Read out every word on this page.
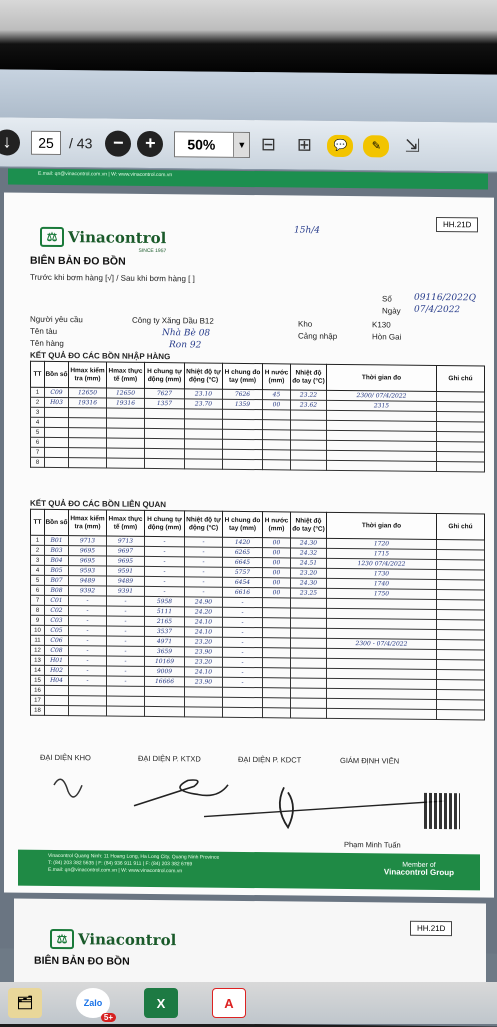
↓	25	/ 43	−	+	50%	▼ ⊟	⊞	💬	✎	⇲
E.mail: qn@vinacontrol.com.vn | W: www.vinacontrol.com.vn
HH.21D
15h/4
⚖ Vinacontrol
SINCE 1957
BIÊN BẢN ĐO BỒN
Trước khi bơm hàng [√] / Sau khi bơm hàng [ ]
Số 09116/2022Q
Ngày 07/4/2022
Người yêu cầu	Công ty Xăng Dầu B12	Kho	K130
Tên tàu	Nhà Bè 08	Cảng nhập	Hòn Gai
Tên hàng	Ron 92
KẾT QUẢ ĐO CÁC BỒN NHẬP HÀNG
TT	Bồn số	Hmax kiểm tra (mm)	Hmax thực tế (mm)	H chung tự động (mm)	Nhiệt độ tự động (°C)	H chung đo tay (mm)	H nước (mm)	Nhiệt độ đo tay (°C)	Thời gian đo	Ghi chú
1	C09	12650	12650	7627	23.10	7626	45	23.22	2300/ 07/4/2022	
2	H03	19316	19316	1357	23.70	1359	00	23.62	2315	
3										
4										
5										
6										
7										
8										
KẾT QUẢ ĐO CÁC BỒN LIÊN QUAN
TT	Bồn số	Hmax kiểm tra (mm)	Hmax thực tế (mm)	H chung tự động (mm)	Nhiệt độ tự động (°C)	H chung đo tay (mm)	H nước (mm)	Nhiệt độ đo tay (°C)	Thời gian đo	Ghi chú
1	B01	9713	9713	-	-	1420	00	24.30	1720	
2	B03	9695	9697	-	-	6265	00	24.32	1715	
3	B04	9695	9695	-	-	6645	00	24.51	1230 07/4/2022	
4	B05	9593	9591	-	-	5757	00	23.20	1730	
5	B07	9489	9489	-	-	6454	00	24.30	1740	
6	B08	9392	9391	-	-	6616	00	23.25	1750	
7	C01	-	-	5958	24.90	-				
8	C02	-	-	5111	24.20	-				
9	C03	-	-	2165	24.10	-				
10	C05	-	-	3537	24.10	-				
11	C06	-	-	4971	23.20	-			2300 - 07/4/2022	
12	C08	-	-	3659	23.90	-				
13	H01	-	-	10169	23.20	-				
14	H02	-	-	9009	24.10	-				
15	H04	-	-	16666	23.90	-				
16										
17										
18										
ĐẠI DIỆN KHO	ĐẠI DIỆN P. KTXD	ĐẠI DIỆN P. KDCT	GIÁM ĐỊNH VIÊN
Phạm Minh Tuấn
Vinacontrol Quang Ninh: 11 Hoang Long, Ha Long City, Quang Ninh Province
T: (84) 203 382 5635 | F: (84) 936 911 911 | F: (84) 203 382 6769
E.mail: qn@vinacontrol.com.vn | W: www.vinacontrol.com.vn
Member of
Vinacontrol Group
HH.21D
⚖ Vinacontrol
BIÊN BẢN ĐO BỒN
🗂	Zalo
5+
X	A
